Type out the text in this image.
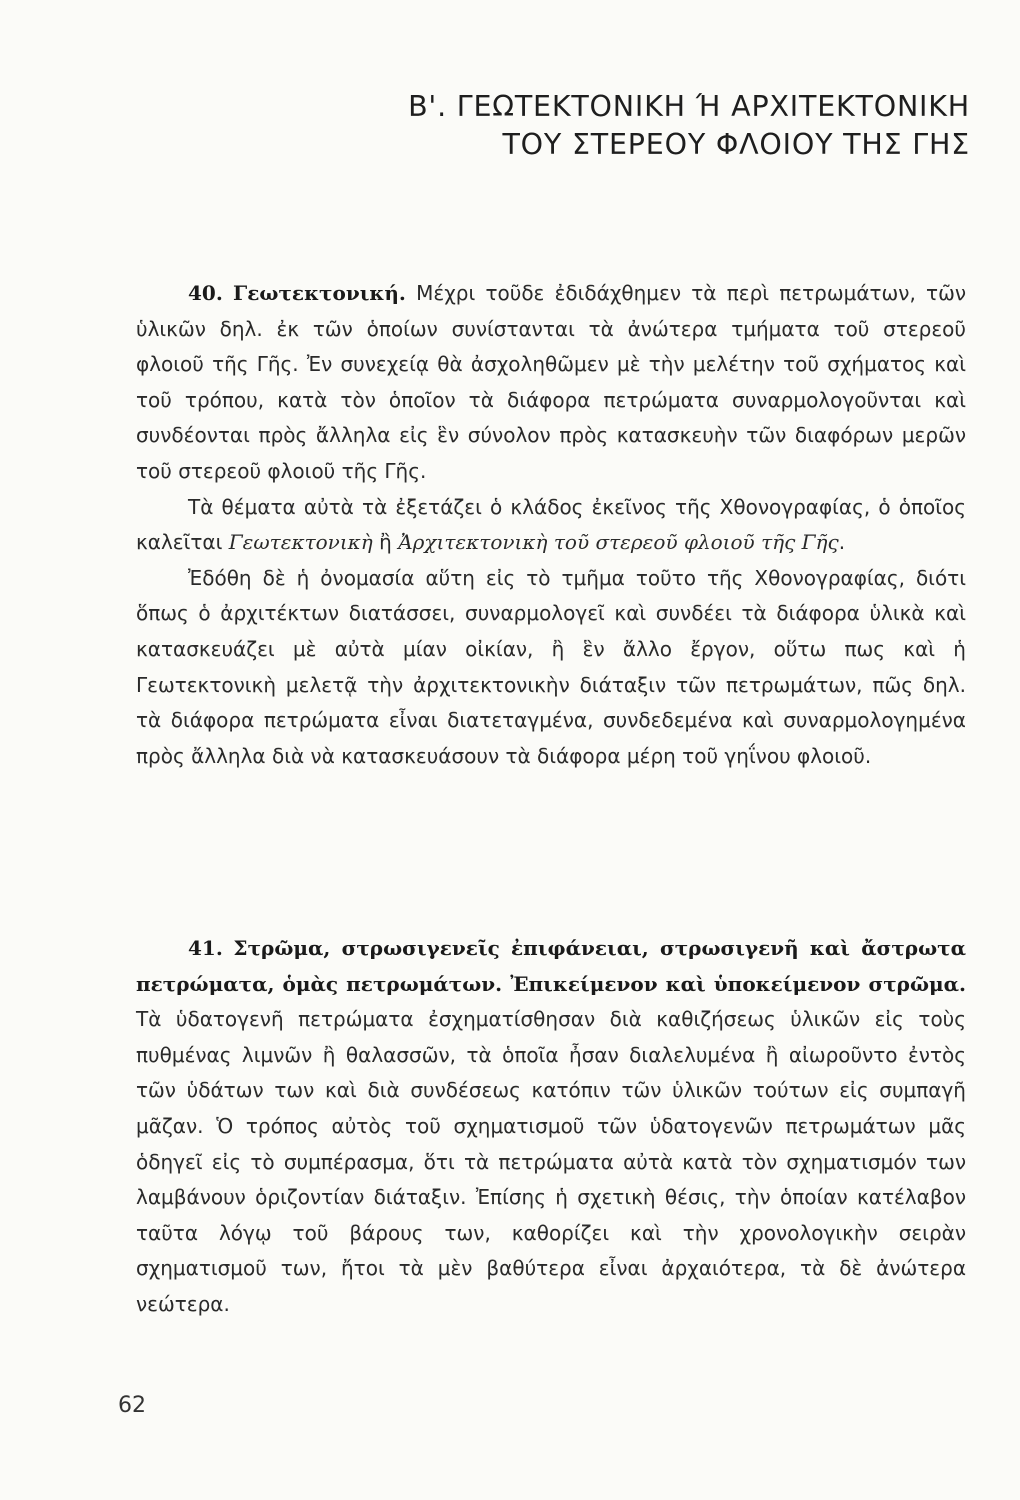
Β'. ΓΕΩΤΕΚΤΟΝΙΚΗ Ή ΑΡΧΙΤΕΚΤΟΝΙΚΗ
ΤΟΥ ΣΤΕΡΕΟΥ ΦΛΟΙΟΥ ΤΗΣ ΓΗΣ

40. Γεωτεκτονική. Μέχρι τοῦδε ἐδιδάχθημεν τὰ περὶ πετρωμάτων, τῶν ὑλικῶν δηλ. ἐκ τῶν ὁποίων συνίστανται τὰ ἀνώτερα τμήματα τοῦ στερεοῦ φλοιοῦ τῆς Γῆς. Ἐν συνεχείᾳ θὰ ἀσχοληθῶμεν μὲ τὴν μελέτην τοῦ σχήματος καὶ τοῦ τρόπου, κατὰ τὸν ὁποῖον τὰ διάφορα πετρώματα συναρμολογοῦνται καὶ συνδέονται πρὸς ἄλληλα εἰς ἓν σύνολον πρὸς κατασκευὴν τῶν διαφόρων μερῶν τοῦ στερεοῦ φλοιοῦ τῆς Γῆς.

Τὰ θέματα αὐτὰ τὰ ἐξετάζει ὁ κλάδος ἐκεῖνος τῆς Χθονογραφίας, ὁ ὁποῖος καλεῖται Γεωτεκτονικὴ ἢ Ἀρχιτεκτονικὴ τοῦ στερεοῦ φλοιοῦ τῆς Γῆς.

Ἐδόθη δὲ ἡ ὀνομασία αὕτη εἰς τὸ τμῆμα τοῦτο τῆς Χθονογραφίας, διότι ὅπως ὁ ἀρχιτέκτων διατάσσει, συναρμολογεῖ καὶ συνδέει τὰ διάφορα ὑλικὰ καὶ κατασκευάζει μὲ αὐτὰ μίαν οἰκίαν, ἢ ἓν ἄλλο ἔργον, οὕτω πως καὶ ἡ Γεωτεκτονικὴ μελετᾷ τὴν ἀρχιτεκτονικὴν διάταξιν τῶν πετρωμάτων, πῶς δηλ. τὰ διάφορα πετρώματα εἶναι διατεταγμένα, συνδεδεμένα καὶ συναρμολογημένα πρὸς ἄλληλα διὰ νὰ κατασκευάσουν τὰ διάφορα μέρη τοῦ γηΐνου φλοιοῦ.

41. Στρῶμα, στρωσιγενεῖς ἐπιφάνειαι, στρωσιγενῆ καὶ ἄστρωτα πετρώματα, ὁμὰς πετρωμάτων. Ἐπικείμενον καὶ ὑποκείμενον στρῶμα. Τὰ ὑδατογενῆ πετρώματα ἐσχηματίσθησαν διὰ καθιζήσεως ὑλικῶν εἰς τοὺς πυθμένας λιμνῶν ἢ θαλασσῶν, τὰ ὁποῖα ἦσαν διαλελυμένα ἢ αἰωροῦντο ἐντὸς τῶν ὑδάτων των καὶ διὰ συνδέσεως κατόπιν τῶν ὑλικῶν τούτων εἰς συμπαγῆ μᾶζαν. Ὁ τρόπος αὐτὸς τοῦ σχηματισμοῦ τῶν ὑδατογενῶν πετρωμάτων μᾶς ὁδηγεῖ εἰς τὸ συμπέρασμα, ὅτι τὰ πετρώματα αὐτὰ κατὰ τὸν σχηματισμόν των λαμβάνουν ὁριζοντίαν διάταξιν. Ἐπίσης ἡ σχετικὴ θέσις, τὴν ὁποίαν κατέλαβον ταῦτα λόγῳ τοῦ βάρους των, καθορίζει καὶ τὴν χρονολογικὴν σειρὰν σχηματισμοῦ των, ἤτοι τὰ μὲν βαθύτερα εἶναι ἀρχαιότερα, τὰ δὲ ἀνώτερα νεώτερα.

62
